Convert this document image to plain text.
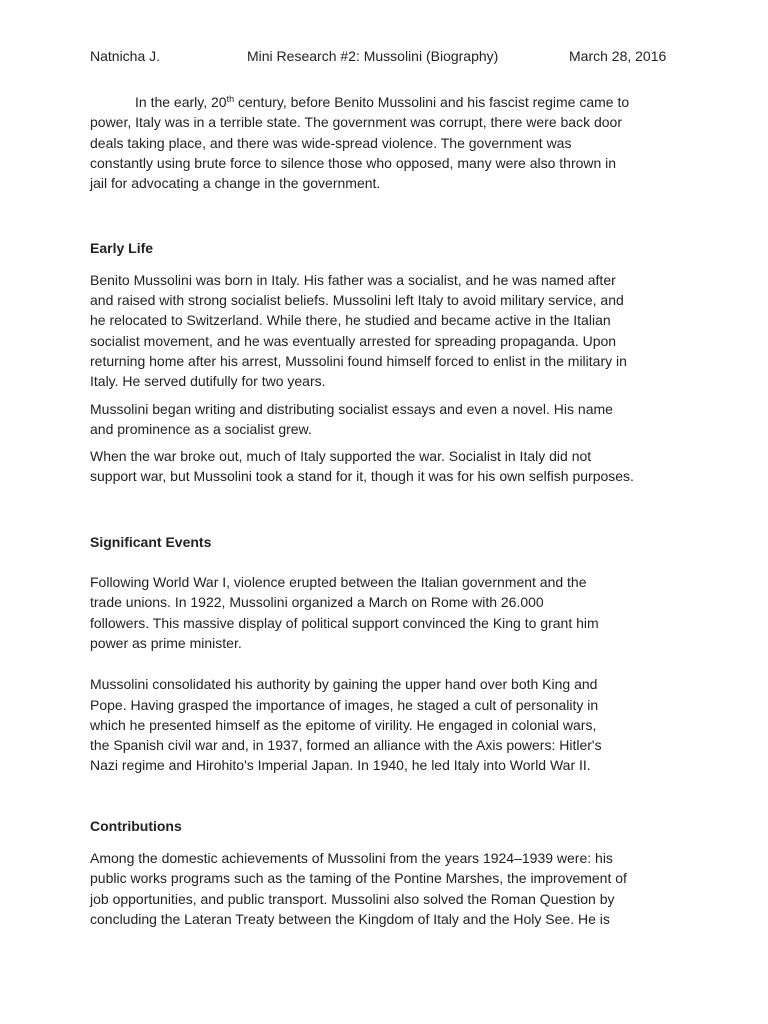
Natnicha J.	Mini Research #2: Mussolini (Biography)	March 28, 2016

In the early, 20th century, before Benito Mussolini and his fascist regime came to
power, Italy was in a terrible state. The government was corrupt, there were back door
deals taking place, and there was wide-spread violence. The government was
constantly using brute force to silence those who opposed, many were also thrown in
jail for advocating a change in the government.

Early Life

Benito Mussolini was born in Italy. His father was a socialist, and he was named after
and raised with strong socialist beliefs. Mussolini left Italy to avoid military service, and
he relocated to Switzerland. While there, he studied and became active in the Italian
socialist movement, and he was eventually arrested for spreading propaganda. Upon
returning home after his arrest, Mussolini found himself forced to enlist in the military in
Italy. He served dutifully for two years.

Mussolini began writing and distributing socialist essays and even a novel. His name
and prominence as a socialist grew.

When the war broke out, much of Italy supported the war. Socialist in Italy did not
support war, but Mussolini took a stand for it, though it was for his own selfish purposes.

Significant Events

Following World War I, violence erupted between the Italian government and the
trade unions. In 1922, Mussolini organized a March on Rome with 26.000
followers. This massive display of political support convinced the King to grant him
power as prime minister.

Mussolini consolidated his authority by gaining the upper hand over both King and
Pope. Having grasped the importance of images, he staged a cult of personality in
which he presented himself as the epitome of virility. He engaged in colonial wars,
the Spanish civil war and, in 1937, formed an alliance with the Axis powers: Hitler's
Nazi regime and Hirohito's Imperial Japan. In 1940, he led Italy into World War II.

Contributions

Among the domestic achievements of Mussolini from the years 1924–1939 were: his
public works programs such as the taming of the Pontine Marshes, the improvement of
job opportunities, and public transport. Mussolini also solved the Roman Question by
concluding the Lateran Treaty between the Kingdom of Italy and the Holy See. He is
